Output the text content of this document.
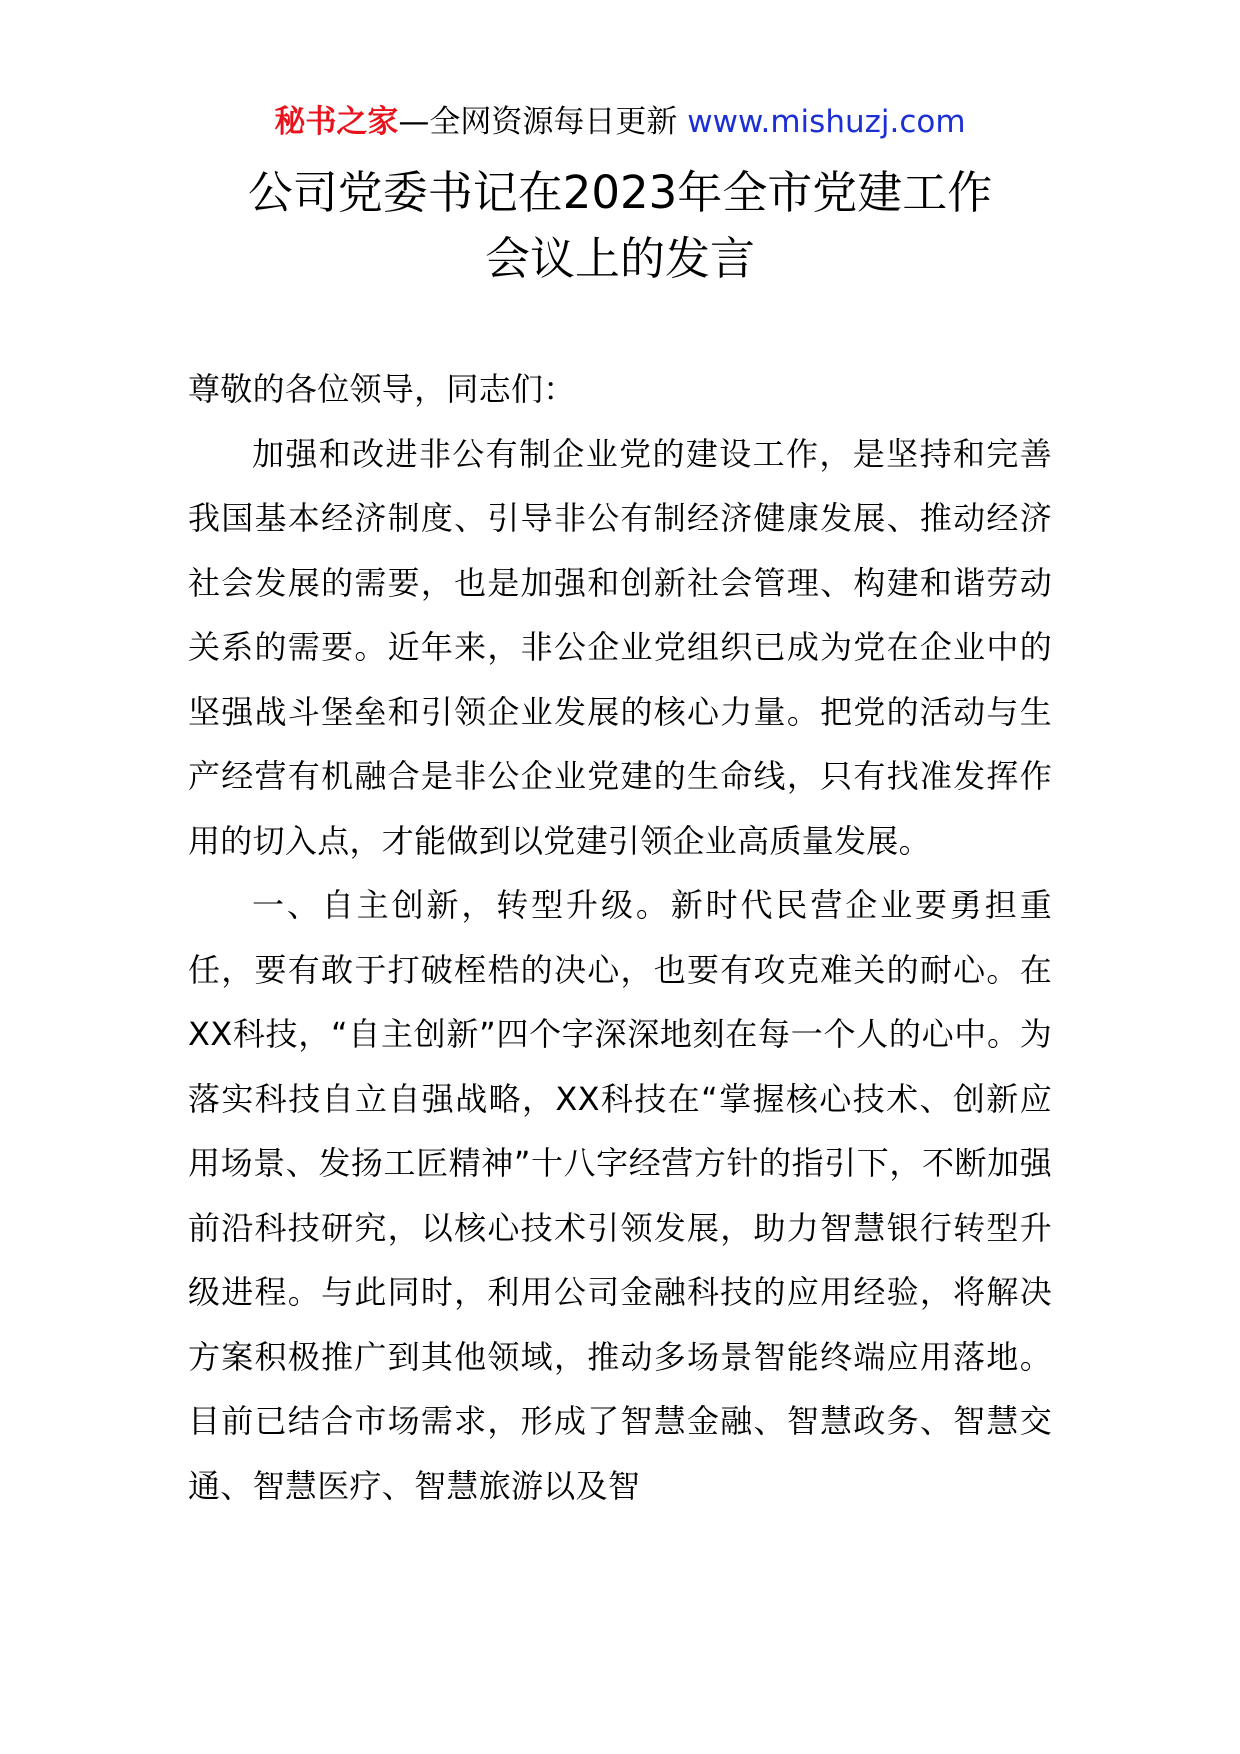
秘书之家—全网资源每日更新 www.mishuzj.com
公司党委书记在2023年全市党建工作
会议上的发言

尊敬的各位领导，同志们：

加强和改进非公有制企业党的建设工作，是坚持和完善我国基本经济制度、引导非公有制经济健康发展、推动经济社会发展的需要，也是加强和创新社会管理、构建和谐劳动关系的需要。近年来，非公企业党组织已成为党在企业中的坚强战斗堡垒和引领企业发展的核心力量。把党的活动与生产经营有机融合是非公企业党建的生命线，只有找准发挥作用的切入点，才能做到以党建引领企业高质量发展。

一、自主创新，转型升级。新时代民营企业要勇担重任，要有敢于打破桎梏的决心，也要有攻克难关的耐心。在XX科技，“自主创新”四个字深深地刻在每一个人的心中。为落实科技自立自强战略，XX科技在“掌握核心技术、创新应用场景、发扬工匠精神”十八字经营方针的指引下，不断加强前沿科技研究，以核心技术引领发展，助力智慧银行转型升级进程。与此同时，利用公司金融科技的应用经验，将解决方案积极推广到其他领域，推动多场景智能终端应用落地。目前已结合市场需求，形成了智慧金融、智慧政务、智慧交通、智慧医疗、智慧旅游以及智
